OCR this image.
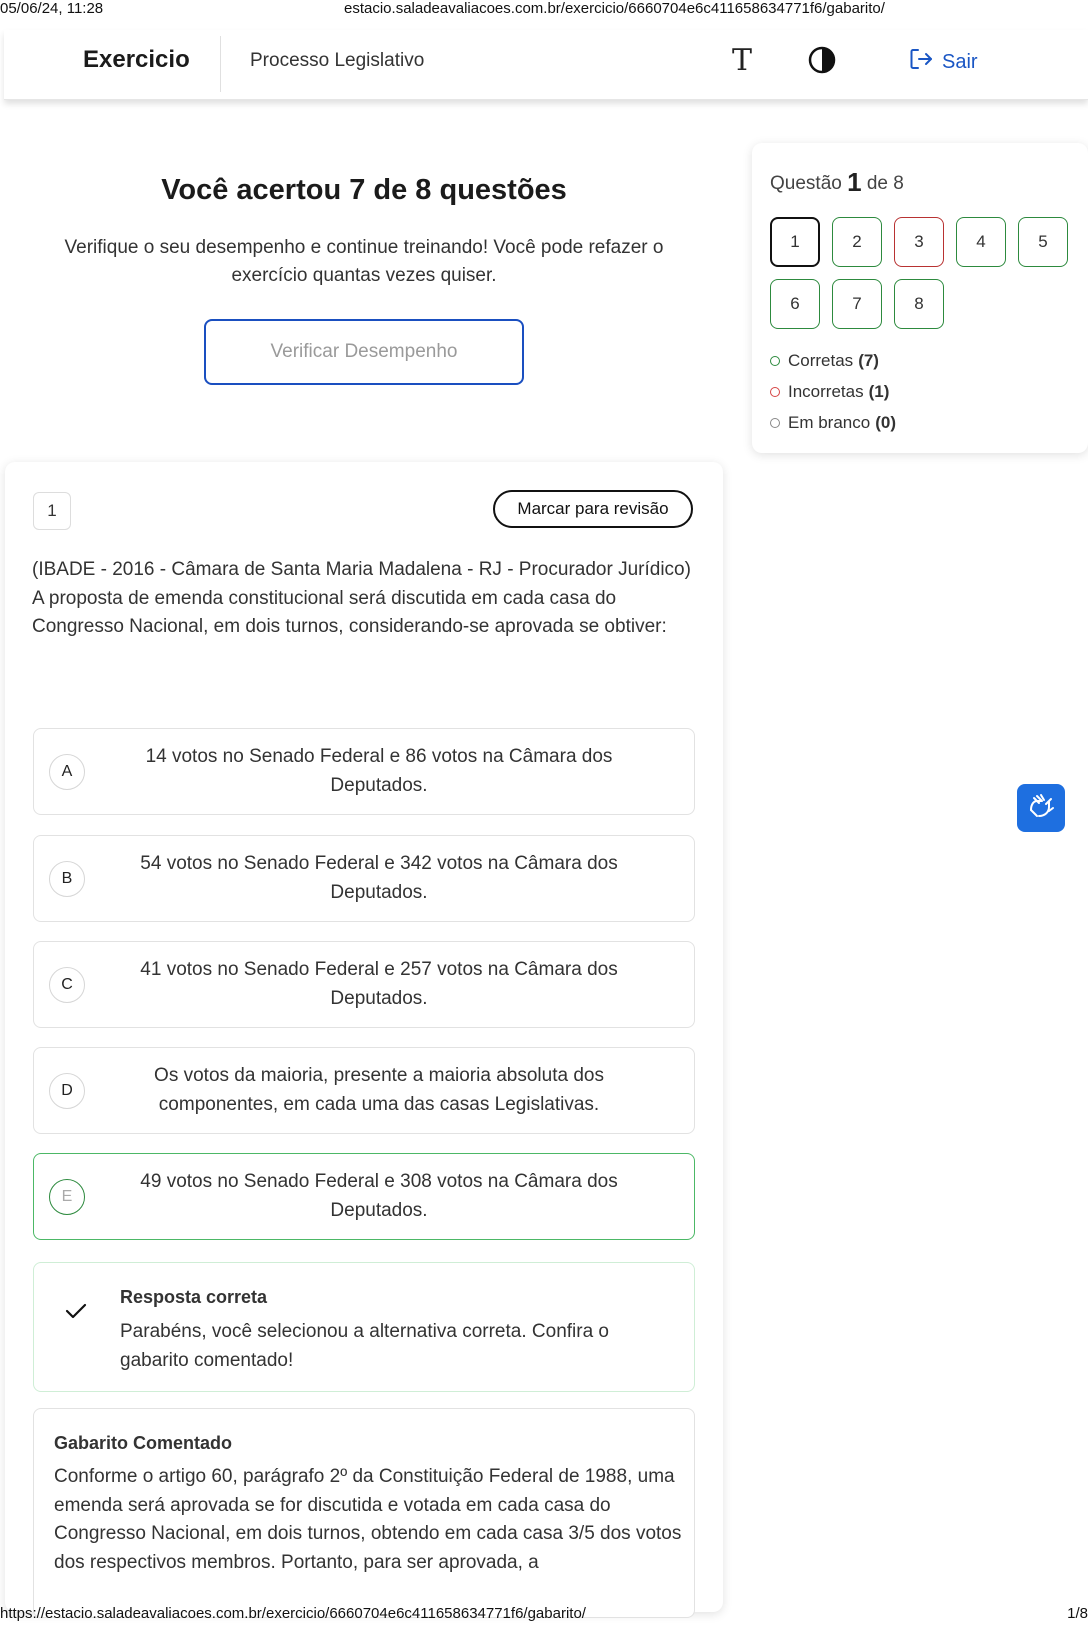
05/06/24, 11:28	estacio.saladeavaliacoes.com.br/exercicio/6660704e6c411658634771f6/gabarito/
Exercicio	Processo Legislativo	T	Sair
Você acertou 7 de 8 questões
Verifique o seu desempenho e continue treinando! Você pode refazer o exercício quantas vezes quiser.
Verificar Desempenho
Questão 1 de 8
1	2	3	4	5
6	7	8
Corretas (7)
Incorretas (1)
Em branco (0)
1	Marcar para revisão
(IBADE - 2016 - Câmara de Santa Maria Madalena - RJ - Procurador Jurídico)
A proposta de emenda constitucional será discutida em cada casa do Congresso Nacional, em dois turnos, considerando-se aprovada se obtiver:
A
14 votos no Senado Federal e 86 votos na Câmara dos Deputados.
B
54 votos no Senado Federal e 342 votos na Câmara dos Deputados.
C
41 votos no Senado Federal e 257 votos na Câmara dos Deputados.
D
Os votos da maioria, presente a maioria absoluta dos componentes, em cada uma das casas Legislativas.
E
49 votos no Senado Federal e 308 votos na Câmara dos Deputados.
Resposta correta
Parabéns, você selecionou a alternativa correta. Confira o gabarito comentado!
Gabarito Comentado
Conforme o artigo 60, parágrafo 2º da Constituição Federal de 1988, uma emenda será aprovada se for discutida e votada em cada casa do Congresso Nacional, em dois turnos, obtendo em cada casa 3/5 dos votos dos respectivos membros. Portanto, para ser aprovada, a
https://estacio.saladeavaliacoes.com.br/exercicio/6660704e6c411658634771f6/gabarito/	1/8
